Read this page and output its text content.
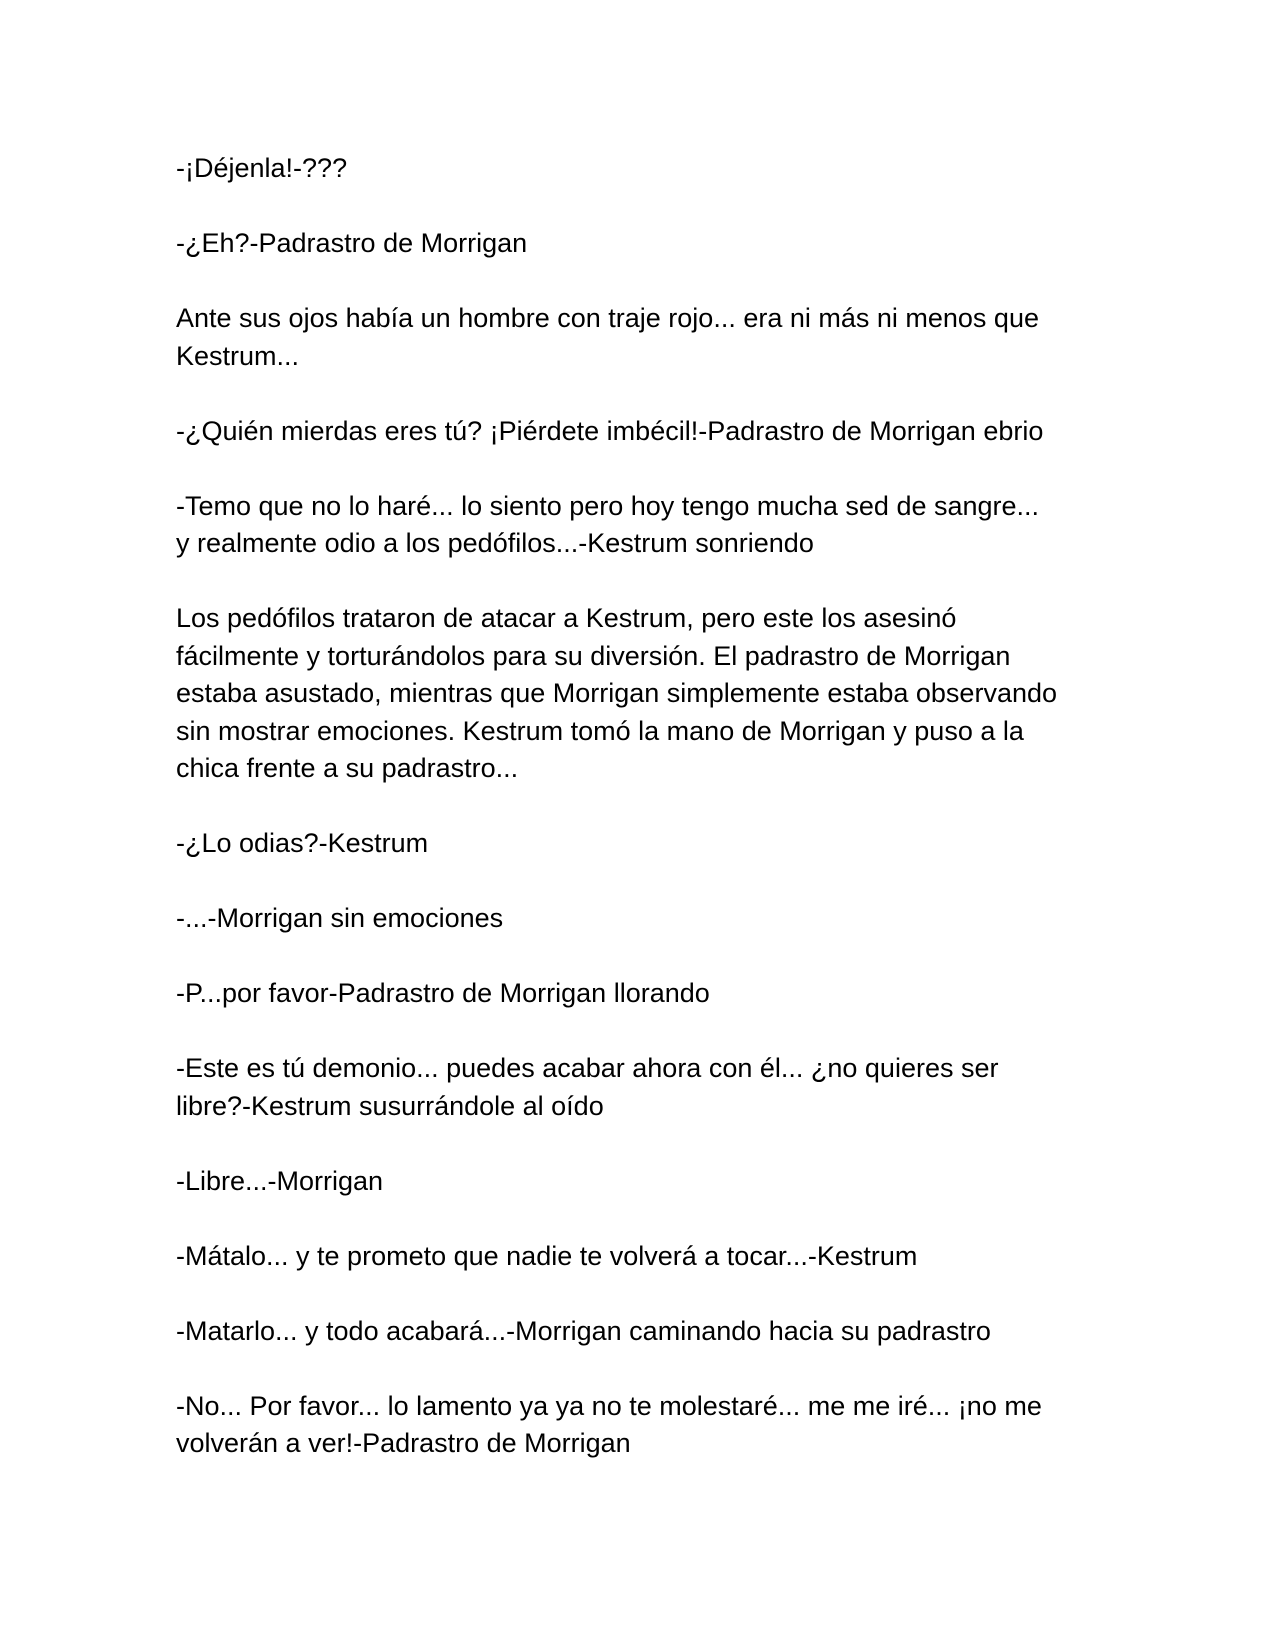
-¡Déjenla!-???

-¿Eh?-Padrastro de Morrigan

Ante sus ojos había un hombre con traje rojo... era ni más ni menos que
Kestrum...

-¿Quién mierdas eres tú? ¡Piérdete imbécil!-Padrastro de Morrigan ebrio

-Temo que no lo haré... lo siento pero hoy tengo mucha sed de sangre...
y realmente odio a los pedófilos...-Kestrum sonriendo

Los pedófilos trataron de atacar a Kestrum, pero este los asesinó
fácilmente y torturándolos para su diversión. El padrastro de Morrigan
estaba asustado, mientras que Morrigan simplemente estaba observando
sin mostrar emociones. Kestrum tomó la mano de Morrigan y puso a la
chica frente a su padrastro...

-¿Lo odias?-Kestrum

-...-Morrigan sin emociones

-P...por favor-Padrastro de Morrigan llorando

-Este es tú demonio... puedes acabar ahora con él... ¿no quieres ser
libre?-Kestrum susurrándole al oído

-Libre...-Morrigan

-Mátalo... y te prometo que nadie te volverá a tocar...-Kestrum

-Matarlo... y todo acabará...-Morrigan caminando hacia su padrastro

-No... Por favor... lo lamento ya ya no te molestaré... me me iré... ¡no me
volverán a ver!-Padrastro de Morrigan
